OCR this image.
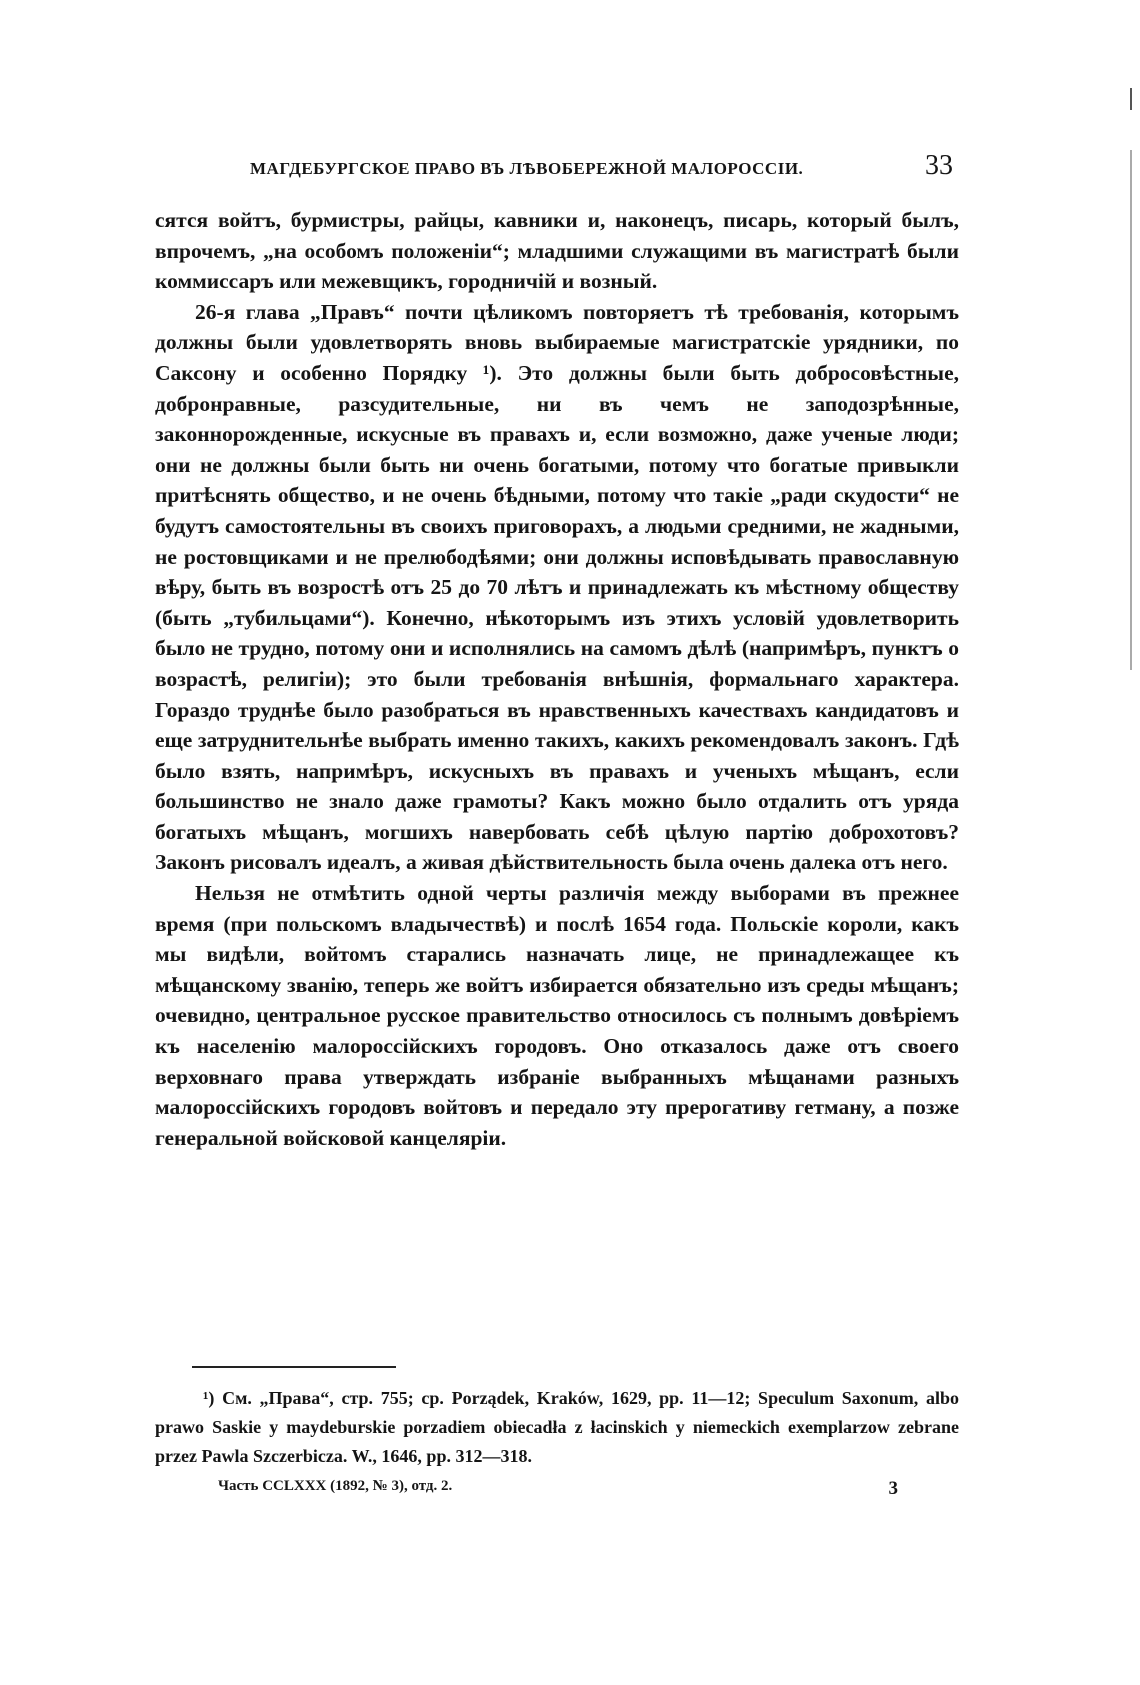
МАГДЕБУРГСКОЕ ПРАВО ВЪ ЛѢВОБЕРЕЖНОЙ МАЛОРОССІИ.	33

сятся войтъ, бурмистры, райцы, кавники и, наконецъ, писарь, который былъ, впрочемъ, „на особомъ положеніи“; младшими служащими въ магистратѣ были коммиссаръ или межевщикъ, городничій и возный.

26-я глава „Правъ“ почти цѣликомъ повторяетъ тѣ требованія, которымъ должны были удовлетворять вновь выбираемые магистратскіе урядники, по Саксону и особенно Порядку ¹). Это должны были быть добросовѣстные, добронравные, разсудительные, ни въ чемъ не заподозрѣнные, законнорожденные, искусные въ правахъ и, если возможно, даже ученые люди; они не должны были быть ни очень богатыми, потому что богатые привыкли притѣснять общество, и не очень бѣдными, потому что такіе „ради скудости“ не будутъ самостоятельны въ своихъ приговорахъ, а людьми средними, не жадными, не ростовщиками и не прелюбодѣями; они должны исповѣдывать православную вѣру, быть въ возростѣ отъ 25 до 70 лѣтъ и принадлежать къ мѣстному обществу (быть „тубильцами“). Конечно, нѣкоторымъ изъ этихъ условій удовлетворить было не трудно, потому они и исполнялись на самомъ дѣлѣ (напримѣръ, пунктъ о возрастѣ, религіи); это были требованія внѣшнія, формальнаго характера. Гораздо труднѣе было разобраться въ нравственныхъ качествахъ кандидатовъ и еще затруднительнѣе выбрать именно такихъ, какихъ рекомендовалъ законъ. Гдѣ было взять, напримѣръ, искусныхъ въ правахъ и ученыхъ мѣщанъ, если большинство не знало даже грамоты? Какъ можно было отдалить отъ уряда богатыхъ мѣщанъ, могшихъ навербовать себѣ цѣлую партію доброхотовъ? Законъ рисовалъ идеалъ, а живая дѣйствительность была очень далека отъ него.

Нельзя не отмѣтить одной черты различія между выборами въ прежнее время (при польскомъ владычествѣ) и послѣ 1654 года. Польскіе короли, какъ мы видѣли, войтомъ старались назначать лице, не принадлежащее къ мѣщанскому званію, теперь же войтъ избирается обязательно изъ среды мѣщанъ; очевидно, центральное русское правительство относилось съ полнымъ довѣріемъ къ населенію малороссійскихъ городовъ. Оно отказалось даже отъ своего верховнаго права утверждать избраніе выбранныхъ мѣщанами разныхъ малороссійскихъ городовъ войтовъ и передало эту прерогативу гетману, а позже генеральной войсковой канцеляріи.

¹) См. „Права“, стр. 755; ср. Porządek, Kraków, 1629, pp. 11—12; Speculum Saxonum, albo prawo Saskie y maydeburskie porzadiem obiecadła z łacinskich y niemeckich exemplarzow zebrane przez Pawla Szczerbicza. W., 1646, pp. 312—318.
Часть CCLXXX (1892, № 3), отд. 2.	3
